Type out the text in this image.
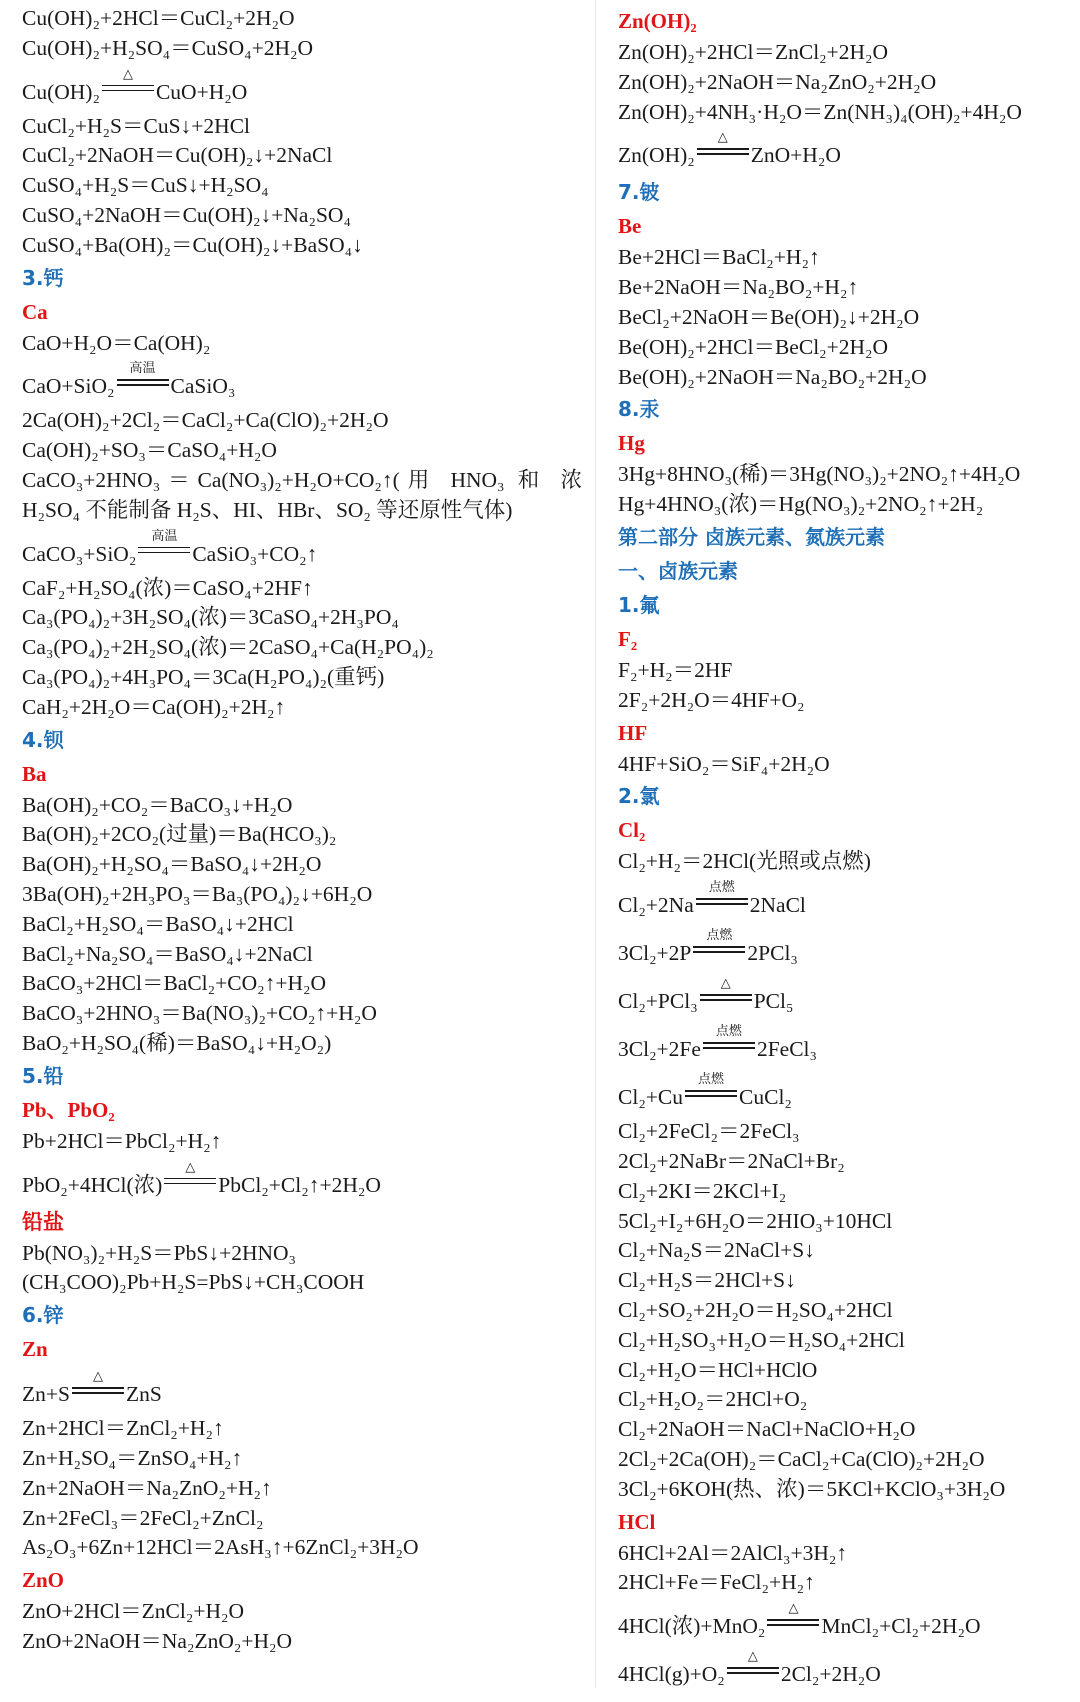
Cu(OH)₂+2HCl＝CuCl₂+2H₂O
Cu(OH)₂+H₂SO₄＝CuSO₄+2H₂O
Cu(OH)₂
△
CuO+H₂O
CuCl₂+H₂S＝CuS↓+2HCl
CuCl₂+2NaOH＝Cu(OH)₂↓+2NaCl
CuSO₄+H₂S＝CuS↓+H₂SO₄
CuSO₄+2NaOH＝Cu(OH)₂↓+Na₂SO₄
CuSO₄+Ba(OH)₂＝Cu(OH)₂↓+BaSO₄↓
3.钙
Ca
CaO+H₂O＝Ca(OH)₂
CaO+SiO₂
高温
CaSiO₃
2Ca(OH)₂+2Cl₂＝CaCl₂+Ca(ClO)₂+2H₂O
Ca(OH)₂+SO₃＝CaSO₄+H₂O
CaCO₃+2HNO₃＝Ca(NO₃)₂+H₂O+CO₂↑(用 HNO₃ 和 浓 H₂SO₄ 不能制备 H₂S、HI、HBr、SO₂ 等还原性气体)
CaCO₃+SiO₂
高温
CaSiO₃+CO₂↑
CaF₂+H₂SO₄(浓)＝CaSO₄+2HF↑
Ca₃(PO₄)₂+3H₂SO₄(浓)＝3CaSO₄+2H₃PO₄
Ca₃(PO₄)₂+2H₂SO₄(浓)＝2CaSO₄+Ca(H₂PO₄)₂
Ca₃(PO₄)₂+4H₃PO₄＝3Ca(H₂PO₄)₂(重钙)
CaH₂+2H₂O＝Ca(OH)₂+2H₂↑
4.钡
Ba
Ba(OH)₂+CO₂＝BaCO₃↓+H₂O
Ba(OH)₂+2CO₂(过量)＝Ba(HCO₃)₂
Ba(OH)₂+H₂SO₄＝BaSO₄↓+2H₂O
3Ba(OH)₂+2H₃PO₃＝Ba₃(PO₄)₂↓+6H₂O
BaCl₂+H₂SO₄＝BaSO₄↓+2HCl
BaCl₂+Na₂SO₄＝BaSO₄↓+2NaCl
BaCO₃+2HCl＝BaCl₂+CO₂↑+H₂O
BaCO₃+2HNO₃＝Ba(NO₃)₂+CO₂↑+H₂O
BaO₂+H₂SO₄(稀)＝BaSO₄↓+H₂O₂)
5.铅
Pb、PbO₂
Pb+2HCl＝PbCl₂+H₂↑
PbO₂+4HCl(浓)
△
PbCl₂+Cl₂↑+2H₂O
铅盐
Pb(NO₃)₂+H₂S＝PbS↓+2HNO₃
(CH₃COO)₂Pb+H₂S=PbS↓+CH₃COOH
6.锌
Zn
Zn+S
△
ZnS
Zn+2HCl＝ZnCl₂+H₂↑
Zn+H₂SO₄＝ZnSO₄+H₂↑
Zn+2NaOH＝Na₂ZnO₂+H₂↑
Zn+2FeCl₃＝2FeCl₂+ZnCl₂
As₂O₃+6Zn+12HCl＝2AsH₃↑+6ZnCl₂+3H₂O
ZnO
ZnO+2HCl＝ZnCl₂+H₂O
ZnO+2NaOH＝Na₂ZnO₂+H₂O
Zn(OH)₂
Zn(OH)₂+2HCl＝ZnCl₂+2H₂O
Zn(OH)₂+2NaOH＝Na₂ZnO₂+2H₂O
Zn(OH)₂+4NH₃·H₂O＝Zn(NH₃)₄(OH)₂+4H₂O
Zn(OH)₂
△
ZnO+H₂O
7.铍
Be
Be+2HCl＝BaCl₂+H₂↑
Be+2NaOH＝Na₂BO₂+H₂↑
BeCl₂+2NaOH＝Be(OH)₂↓+2H₂O
Be(OH)₂+2HCl＝BeCl₂+2H₂O
Be(OH)₂+2NaOH＝Na₂BO₂+2H₂O
8.汞
Hg
3Hg+8HNO₃(稀)＝3Hg(NO₃)₂+2NO₂↑+4H₂O
Hg+4HNO₃(浓)＝Hg(NO₃)₂+2NO₂↑+2H₂
第二部分 卤族元素、氮族元素
一、卤族元素
1.氟
F₂
F₂+H₂＝2HF
2F₂+2H₂O＝4HF+O₂
HF
4HF+SiO₂＝SiF₄+2H₂O
2.氯
Cl₂
Cl₂+H₂＝2HCl(光照或点燃)
Cl₂+2Na
点燃
2NaCl
3Cl₂+2P
点燃
2PCl₃
Cl₂+PCl₃
△
PCl₅
3Cl₂+2Fe
点燃
2FeCl₃
Cl₂+Cu
点燃
CuCl₂
Cl₂+2FeCl₂＝2FeCl₃
2Cl₂+2NaBr＝2NaCl+Br₂
Cl₂+2KI＝2KCl+I₂
5Cl₂+I₂+6H₂O＝2HIO₃+10HCl
Cl₂+Na₂S＝2NaCl+S↓
Cl₂+H₂S＝2HCl+S↓
Cl₂+SO₂+2H₂O＝H₂SO₄+2HCl
Cl₂+H₂SO₃+H₂O＝H₂SO₄+2HCl
Cl₂+H₂O＝HCl+HClO
Cl₂+H₂O₂＝2HCl+O₂
Cl₂+2NaOH＝NaCl+NaClO+H₂O
2Cl₂+2Ca(OH)₂＝CaCl₂+Ca(ClO)₂+2H₂O
3Cl₂+6KOH(热、浓)＝5KCl+KClO₃+3H₂O
HCl
6HCl+2Al＝2AlCl₃+3H₂↑
2HCl+Fe＝FeCl₂+H₂↑
4HCl(浓)+MnO₂
△
MnCl₂+Cl₂+2H₂O
4HCl(g)+O₂
△
2Cl₂+2H₂O
